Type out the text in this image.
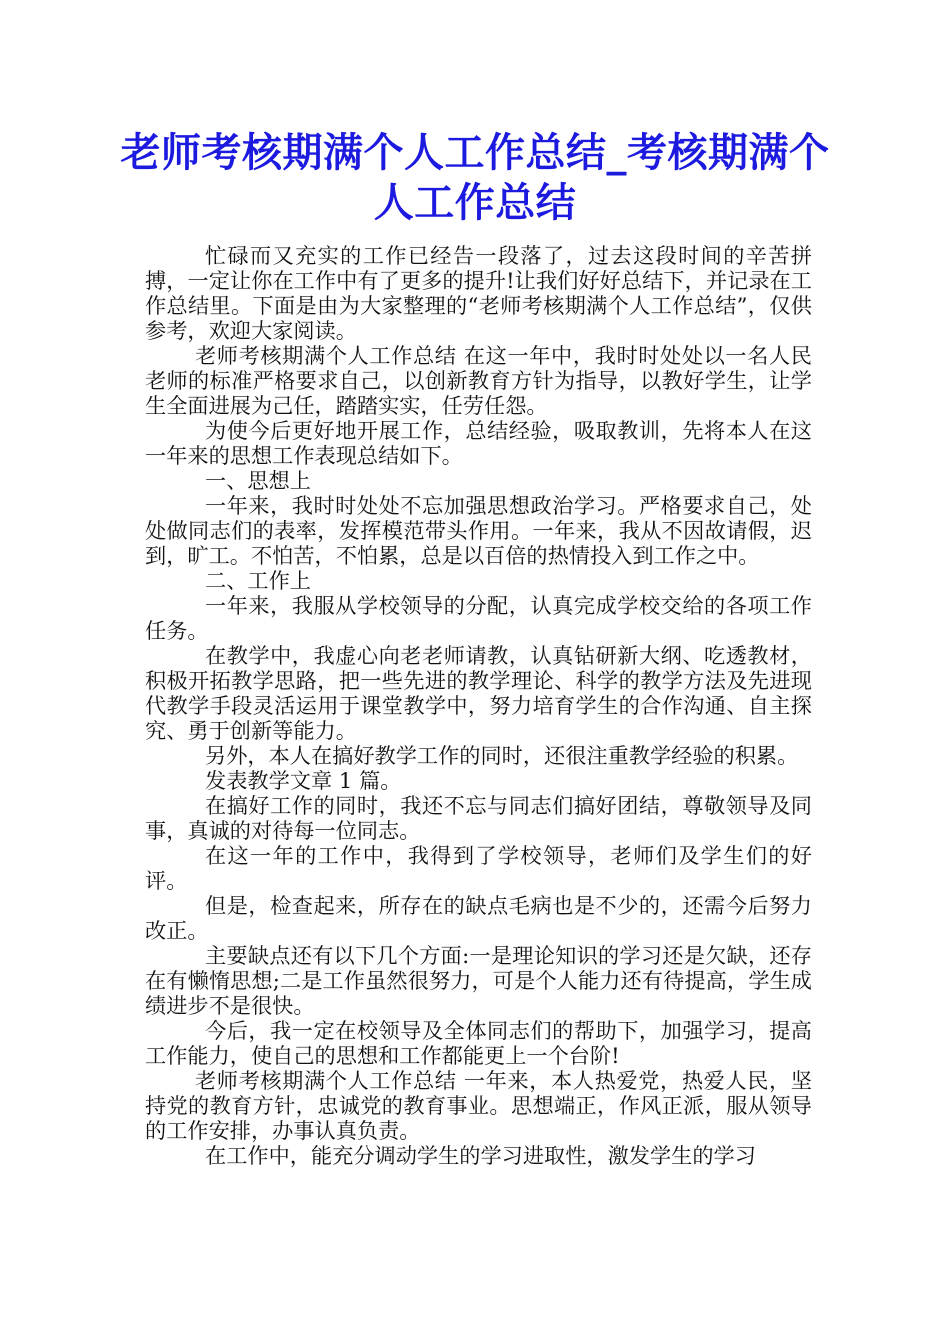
老师考核期满个人工作总结_考核期满个人工作总结

忙碌而又充实的工作已经告一段落了，过去这段时间的辛苦拼搏，一定让你在工作中有了更多的提升!让我们好好总结下，并记录在工作总结里。下面是由为大家整理的“老师考核期满个人工作总结”，仅供参考，欢迎大家阅读。

老师考核期满个人工作总结 在这一年中，我时时处处以一名人民老师的标准严格要求自己，以创新教育方针为指导，以教好学生，让学生全面进展为己任，踏踏实实，任劳任怨。

为使今后更好地开展工作，总结经验，吸取教训，先将本人在这一年来的思想工作表现总结如下。

一、思想上

一年来，我时时处处不忘加强思想政治学习。严格要求自己，处处做同志们的表率，发挥模范带头作用。一年来，我从不因故请假，迟到，旷工。不怕苦，不怕累，总是以百倍的热情投入到工作之中。

二、工作上

一年来，我服从学校领导的分配，认真完成学校交给的各项工作任务。

在教学中，我虚心向老老师请教，认真钻研新大纲、吃透教材，积极开拓教学思路，把一些先进的教学理论、科学的教学方法及先进现代教学手段灵活运用于课堂教学中，努力培育学生的合作沟通、自主探究、勇于创新等能力。

另外，本人在搞好教学工作的同时，还很注重教学经验的积累。

发表教学文章 1 篇。

在搞好工作的同时，我还不忘与同志们搞好团结，尊敬领导及同事，真诚的对待每一位同志。

在这一年的工作中，我得到了学校领导，老师们及学生们的好评。

但是，检查起来，所存在的缺点毛病也是不少的，还需今后努力改正。

主要缺点还有以下几个方面:一是理论知识的学习还是欠缺，还存在有懒惰思想;二是工作虽然很努力，可是个人能力还有待提高，学生成绩进步不是很快。

今后，我一定在校领导及全体同志们的帮助下，加强学习，提高工作能力，使自己的思想和工作都能更上一个台阶!

老师考核期满个人工作总结 一年来，本人热爱党，热爱人民，坚持党的教育方针，忠诚党的教育事业。思想端正，作风正派，服从领导的工作安排，办事认真负责。

在工作中，能充分调动学生的学习进取性，激发学生的学习
